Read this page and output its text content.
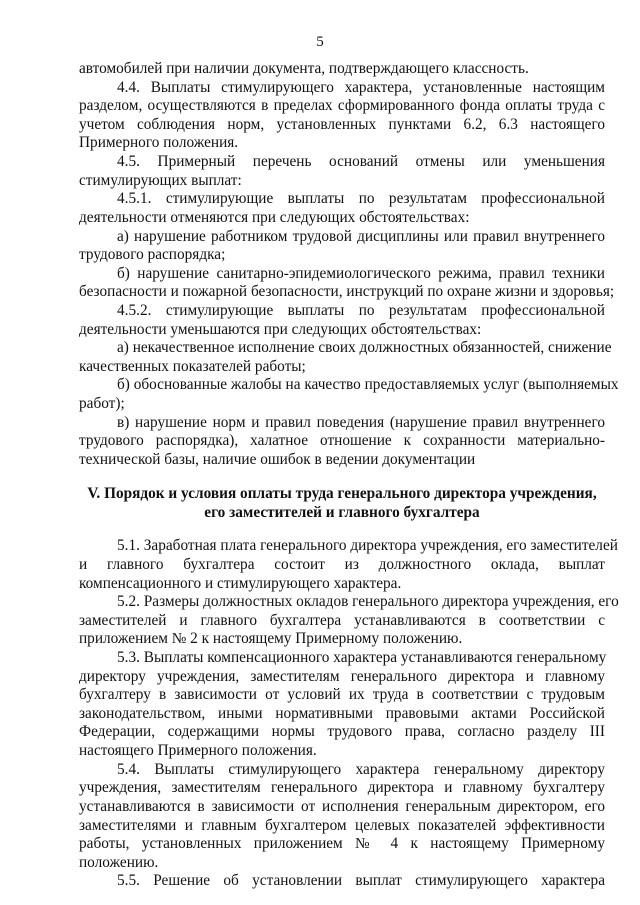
5
автомобилей при наличии документа, подтверждающего классность.
4.4. Выплаты стимулирующего характера, установленные настоящим
разделом, осуществляются в пределах сформированного фонда оплаты труда с
учетом соблюдения норм, установленных пунктами 6.2, 6.3 настоящего
Примерного положения.
4.5. Примерный перечень оснований отмены или уменьшения
стимулирующих выплат:
4.5.1. стимулирующие выплаты по результатам профессиональной
деятельности отменяются при следующих обстоятельствах:
а) нарушение работником трудовой дисциплины или правил внутреннего
трудового распорядка;
б) нарушение санитарно-эпидемиологического режима, правил техники
безопасности и пожарной безопасности, инструкций по охране жизни и здоровья;
4.5.2. стимулирующие выплаты по результатам профессиональной
деятельности уменьшаются при следующих обстоятельствах:
а) некачественное исполнение своих должностных обязанностей, снижение
качественных показателей работы;
б) обоснованные жалобы на качество предоставляемых услуг (выполняемых
работ);
в) нарушение норм и правил поведения (нарушение правил внутреннего
трудового распорядка), халатное отношение к сохранности материально-
технической базы, наличие ошибок в ведении документации
V. Порядок и условия оплаты труда генерального директора учреждения,
его заместителей и главного бухгалтера
5.1. Заработная плата генерального директора учреждения, его заместителей
и главного бухгалтера состоит из должностного оклада, выплат
компенсационного и стимулирующего характера.
5.2. Размеры должностных окладов генерального директора учреждения, его
заместителей и главного бухгалтера устанавливаются в соответствии с
приложением № 2 к настоящему Примерному положению.
5.3. Выплаты компенсационного характера устанавливаются генеральному
директору учреждения, заместителям генерального директора и главному
бухгалтеру в зависимости от условий их труда в соответствии с трудовым
законодательством, иными нормативными правовыми актами Российской
Федерации, содержащими нормы трудового права, согласно разделу III
настоящего Примерного положения.
5.4. Выплаты стимулирующего характера генеральному директору
учреждения, заместителям генерального директора и главному бухгалтеру
устанавливаются в зависимости от исполнения генеральным директором, его
заместителями и главным бухгалтером целевых показателей эффективности
работы, установленных приложением № 4 к настоящему Примерному
положению.
5.5. Решение об установлении выплат стимулирующего характера
